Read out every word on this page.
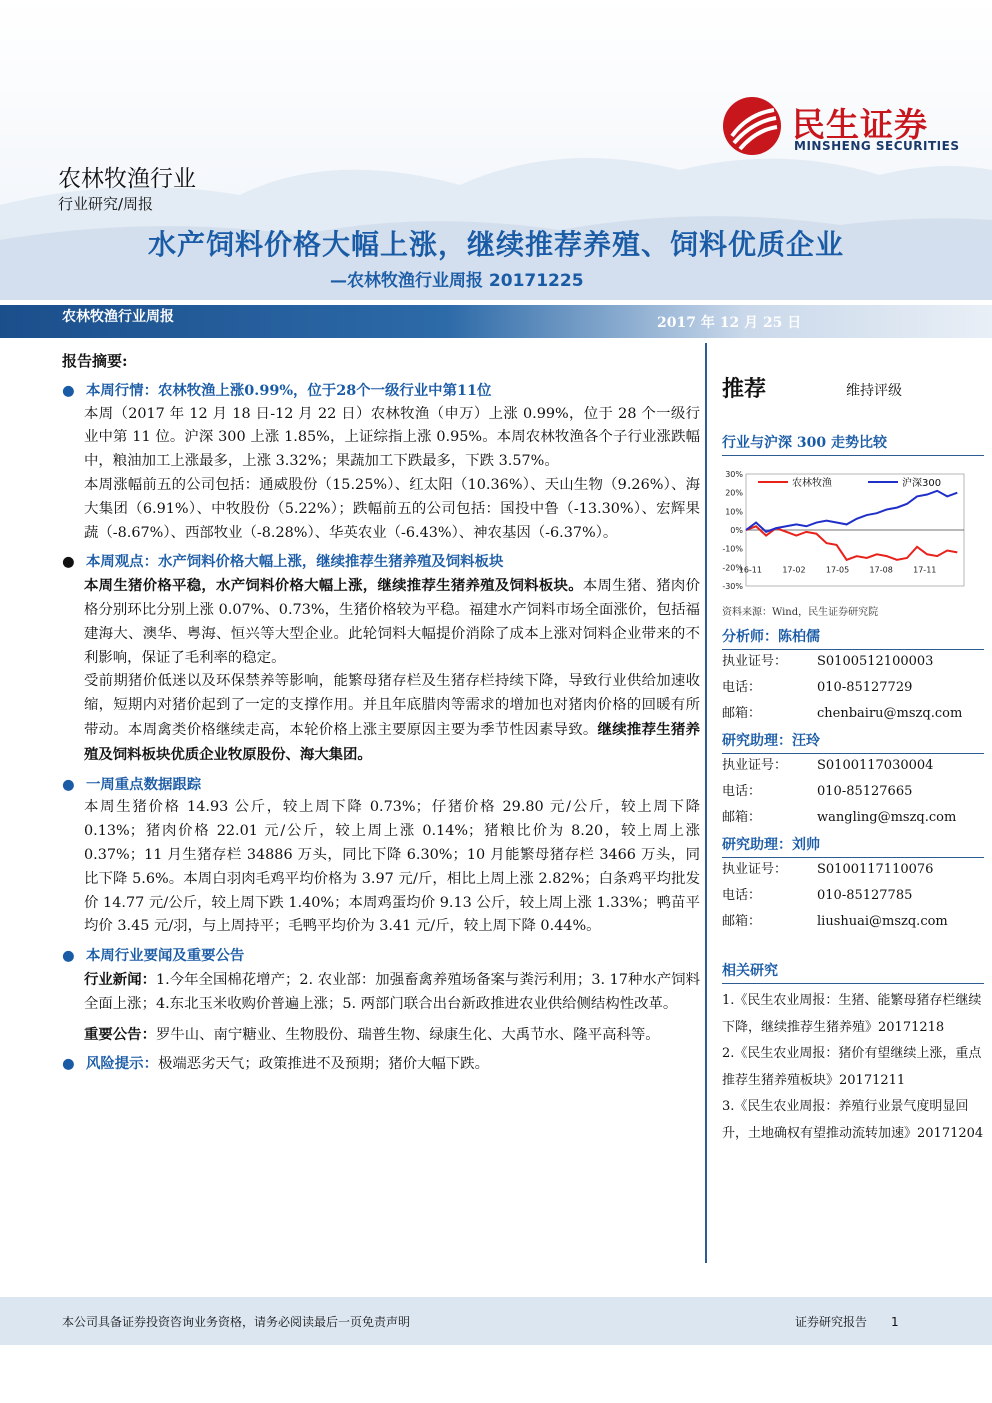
民生证券
MINSHENG SECURITIES
农林牧渔行业
行业研究/周报
水产饲料价格大幅上涨，继续推荐养殖、饲料优质企业
—农林牧渔行业周报 20171225
农林牧渔行业周报	2017 年 12 月 25 日
报告摘要:
● 本周行情：农林牧渔上涨0.99%，位于28个一级行业中第11位

本周（2017 年 12 月 18 日-12 月 22 日）农林牧渔（申万）上涨 0.99%，位于 28 个一级行业中第 11 位。沪深 300 上涨 1.85%，上证综指上涨 0.95%。本周农林牧渔各个子行业涨跌幅中，粮油加工上涨最多，上涨 3.32%；果蔬加工下跌最多，下跌 3.57%。

本周涨幅前五的公司包括：通威股份（15.25%）、红太阳（10.36%）、天山生物（9.26%）、海大集团（6.91%）、中牧股份（5.22%）；跌幅前五的公司包括：国投中鲁（-13.30%）、宏辉果蔬（-8.67%）、西部牧业（-8.28%）、华英农业（-6.43%）、神农基因（-6.37%）。

● 本周观点：水产饲料价格大幅上涨，继续推荐生猪养殖及饲料板块

本周生猪价格平稳，水产饲料价格大幅上涨，继续推荐生猪养殖及饲料板块。本周生猪、猪肉价格分别环比分别上涨 0.07%、0.73%，生猪价格较为平稳。福建水产饲料市场全面涨价，包括福建海大、澳华、粤海、恒兴等大型企业。此轮饲料大幅提价消除了成本上涨对饲料企业带来的不利影响，保证了毛利率的稳定。

受前期猪价低迷以及环保禁养等影响，能繁母猪存栏及生猪存栏持续下降，导致行业供给加速收缩，短期内对猪价起到了一定的支撑作用。并且年底腊肉等需求的增加也对猪肉价格的回暖有所带动。本周禽类价格继续走高，本轮价格上涨主要原因主要为季节性因素导致。继续推荐生猪养殖及饲料板块优质企业牧原股份、海大集团。

● 一周重点数据跟踪

本周生猪价格 14.93 公斤，较上周下降 0.73%；仔猪价格 29.80 元/公斤，较上周下降 0.13%；猪肉价格 22.01 元/公斤，较上周上涨 0.14%；猪粮比价为 8.20，较上周上涨 0.37%；11 月生猪存栏 34886 万头，同比下降 6.30%；10 月能繁母猪存栏 3466 万头，同比下降 5.6%。本周白羽肉毛鸡平均价格为 3.97 元/斤，相比上周上涨 2.82%；白条鸡平均批发价 14.77 元/公斤，较上周下跌 1.40%；本周鸡蛋均价 9.13 公斤，较上周上涨 1.33%；鸭苗平均价 3.45 元/羽，与上周持平；毛鸭平均价为 3.41 元/斤，较上周下降 0.44%。

● 本周行业要闻及重要公告

行业新闻：1.今年全国棉花增产；2. 农业部：加强畜禽养殖场备案与粪污利用；3. 17种水产饲料全面上涨；4.东北玉米收购价普遍上涨；5. 两部门联合出台新政推进农业供给侧结构性改革。

重要公告：罗牛山、南宁糖业、生物股份、瑞普生物、绿康生化、大禹节水、隆平高科等。

● 风险提示：极端恶劣天气；政策推进不及预期；猪价大幅下跌。
推荐	维持评级
行业与沪深 300 走势比较
30%
20%
10%
0%
-10%
-20%
-30%
16-11	17-02	17-05	17-08	17-11
农林牧渔	沪深300
资料来源：Wind，民生证券研究院
分析师：陈柏儒
执业证号：	S0100512100003
电话：	010-85127729
邮箱：	chenbairu@mszq.com
研究助理：汪玲
执业证号：	S0100117030004
电话：	010-85127665
邮箱：	wangling@mszq.com
研究助理：刘帅
执业证号：	S0100117110076
电话：	010-85127785
邮箱：	liushuai@mszq.com
相关研究
1.《民生农业周报：生猪、能繁母猪存栏继续下降，继续推荐生猪养殖》20171218
2.《民生农业周报：猪价有望继续上涨，重点推荐生猪养殖板块》20171211
3.《民生农业周报：养殖行业景气度明显回升，土地确权有望推动流转加速》20171204
本公司具备证券投资咨询业务资格，请务必阅读最后一页免责声明	证券研究报告 1
